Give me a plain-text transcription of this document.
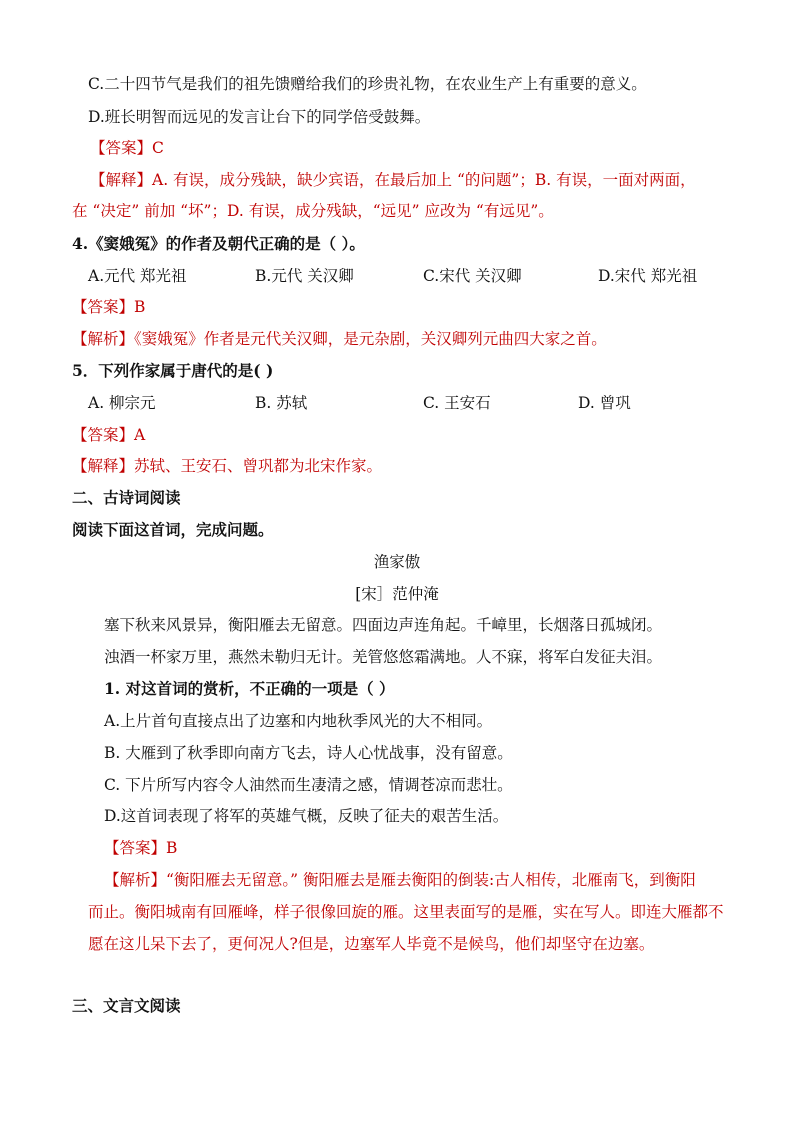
C.二十四节气是我们的祖先馈赠给我们的珍贵礼物，在农业生产上有重要的意义。
D.班长明智而远见的发言让台下的同学倍受鼓舞。
【答案】C
【解释】A. 有误，成分残缺，缺少宾语，在最后加上 “的问题”；B. 有误，一面对两面，
在 “决定” 前加 “坏”；D. 有误，成分残缺，“远见” 应改为 “有远见”。
4.《窦娥冤》的作者及朝代正确的是（ ）。
A.元代 郑光祖	B.元代 关汉卿	C.宋代 关汉卿	D.宋代 郑光祖
【答案】B
【解析】《窦娥冤》作者是元代关汉卿，是元杂剧，关汉卿列元曲四大家之首。
5．下列作家属于唐代的是( )
A. 柳宗元	B. 苏轼	C. 王安石	D. 曾巩
【答案】A
【解释】苏轼、王安石、曾巩都为北宋作家。
二、古诗词阅读
阅读下面这首词，完成问题。
渔家傲
[宋］范仲淹
塞下秋来风景异，衡阳雁去无留意。四面边声连角起。千嶂里，长烟落日孤城闭。
浊酒一杯家万里，燕然未勒归无计。羌管悠悠霜满地。人不寐，将军白发征夫泪。
1. 对这首词的赏析，不正确的一项是（ ）
A.上片首句直接点出了边塞和内地秋季风光的大不相同。
B. 大雁到了秋季即向南方飞去，诗人心忧战事，没有留意。
C. 下片所写内容令人油然而生凄清之感，情调苍凉而悲壮。
D.这首词表现了将军的英雄气概，反映了征夫的艰苦生活。
【答案】B
【解析】“衡阳雁去无留意。” 衡阳雁去是雁去衡阳的倒装:古人相传，北雁南飞，到衡阳
而止。衡阳城南有回雁峰，样子很像回旋的雁。这里表面写的是雁，实在写人。即连大雁都不
愿在这儿呆下去了，更何况人?但是，边塞军人毕竟不是候鸟，他们却坚守在边塞。
三、文言文阅读
